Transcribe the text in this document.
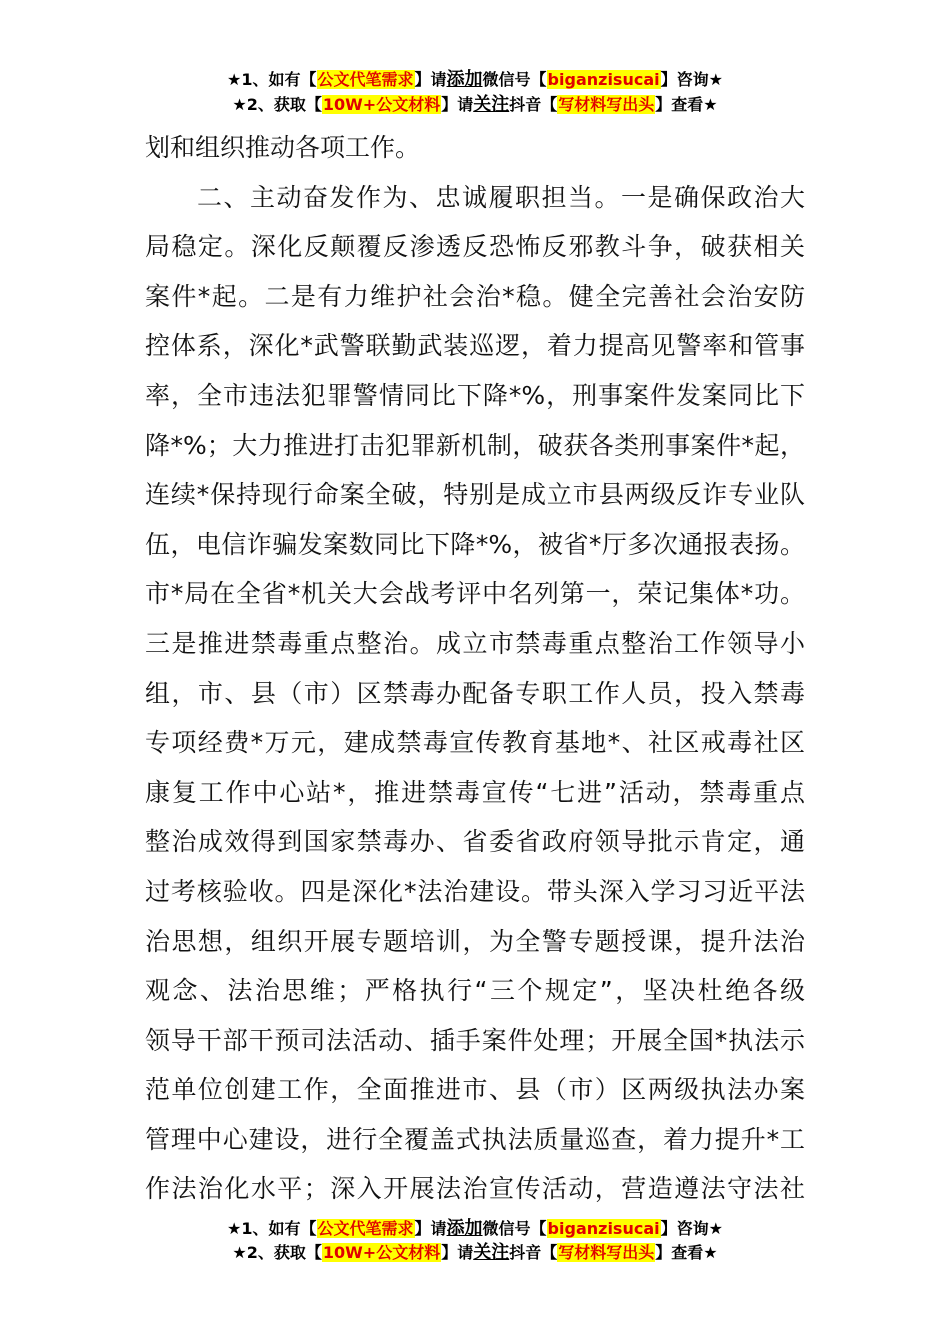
★1、如有【公文代笔需求】请添加微信号【biganzisucai】咨询★
★2、获取【10W+公文材料】请关注抖音【写材料写出头】查看★
划和组织推动各项工作。
二、主动奋发作为、忠诚履职担当。一是确保政治大
局稳定。深化反颠覆反渗透反恐怖反邪教斗争，破获相关
案件*起。二是有力维护社会治*稳。健全完善社会治安防
控体系，深化*武警联勤武装巡逻，着力提高见警率和管事
率，全市违法犯罪警情同比下降*%，刑事案件发案同比下
降*%；大力推进打击犯罪新机制，破获各类刑事案件*起，
连续*保持现行命案全破，特别是成立市县两级反诈专业队
伍，电信诈骗发案数同比下降*%，被省*厅多次通报表扬。
市*局在全省*机关大会战考评中名列第一，荣记集体*功。
三是推进禁毒重点整治。成立市禁毒重点整治工作领导小
组，市、县（市）区禁毒办配备专职工作人员，投入禁毒
专项经费*万元，建成禁毒宣传教育基地*、社区戒毒社区
康复工作中心站*，推进禁毒宣传“七进”活动，禁毒重点
整治成效得到国家禁毒办、省委省政府领导批示肯定，通
过考核验收。四是深化*法治建设。带头深入学习习近平法
治思想，组织开展专题培训，为全警专题授课，提升法治
观念、法治思维；严格执行“三个规定”，坚决杜绝各级
领导干部干预司法活动、插手案件处理；开展全国*执法示
范单位创建工作，全面推进市、县（市）区两级执法办案
管理中心建设，进行全覆盖式执法质量巡查，着力提升*工
作法治化水平；深入开展法治宣传活动，营造遵法守法社
★1、如有【公文代笔需求】请添加微信号【biganzisucai】咨询★
★2、获取【10W+公文材料】请关注抖音【写材料写出头】查看★
